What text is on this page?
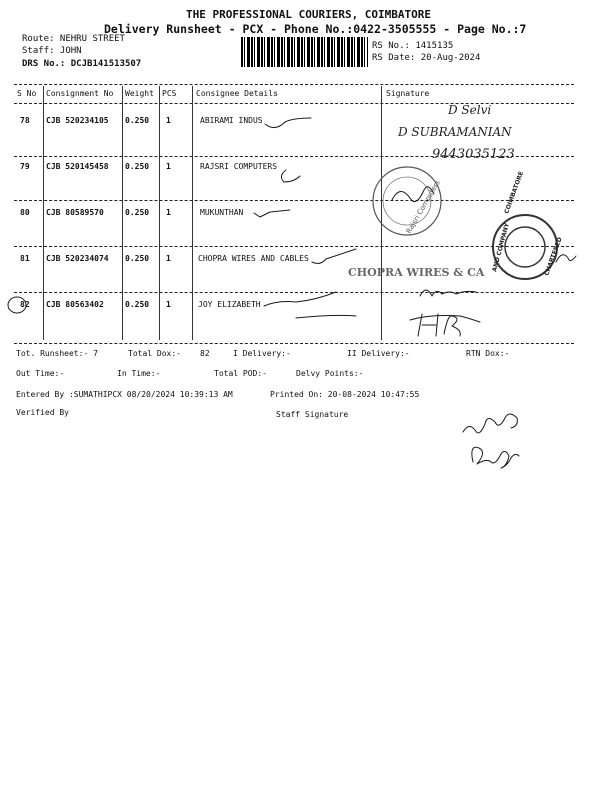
THE PROFESSIONAL COURIERS, COIMBATORE
Delivery Runsheet - PCX - Phone No.:0422-3505555 - Page No.:7
Route: NEHRU STREET
Staff: JOHN
DRS No.: DCJB141513507
RS No.: 1415135
RS Date: 20-Aug-2024
S No Consignment No Weight PCS Consignee Details	Signature
78 CJB 520234105 0.250 1	ABIRAMI INDUS
79 CJB 520145458 0.250 1	RAJSRI COMPUTERS
80 CJB 80589570	0.250 1	MUKUNTHAN
81 CJB 520234074 0.250 1	CHOPRA WIRES AND CABLES
82 CJB 80563402	0.250 1	JOY ELIZABETH
D Selvi
D SUBRAMANIAN
9443035123
Rajsri Computers	COIMBATORE
AND COMPANY	CHARTERED
CHOPRA WIRES & CA
Tot. Runsheet:- 7	Total Dox:- 82	I Delivery:-	II Delivery:-	RTN Dox:-
Out Time:-	In Time:-	Total POD:-	Delvy Points:-
Entered By :SUMATHIPCX 08/20/2024 10:39:13 AM	Printed On: 20-08-2024 10:47:55
Verified By	Staff Signature
